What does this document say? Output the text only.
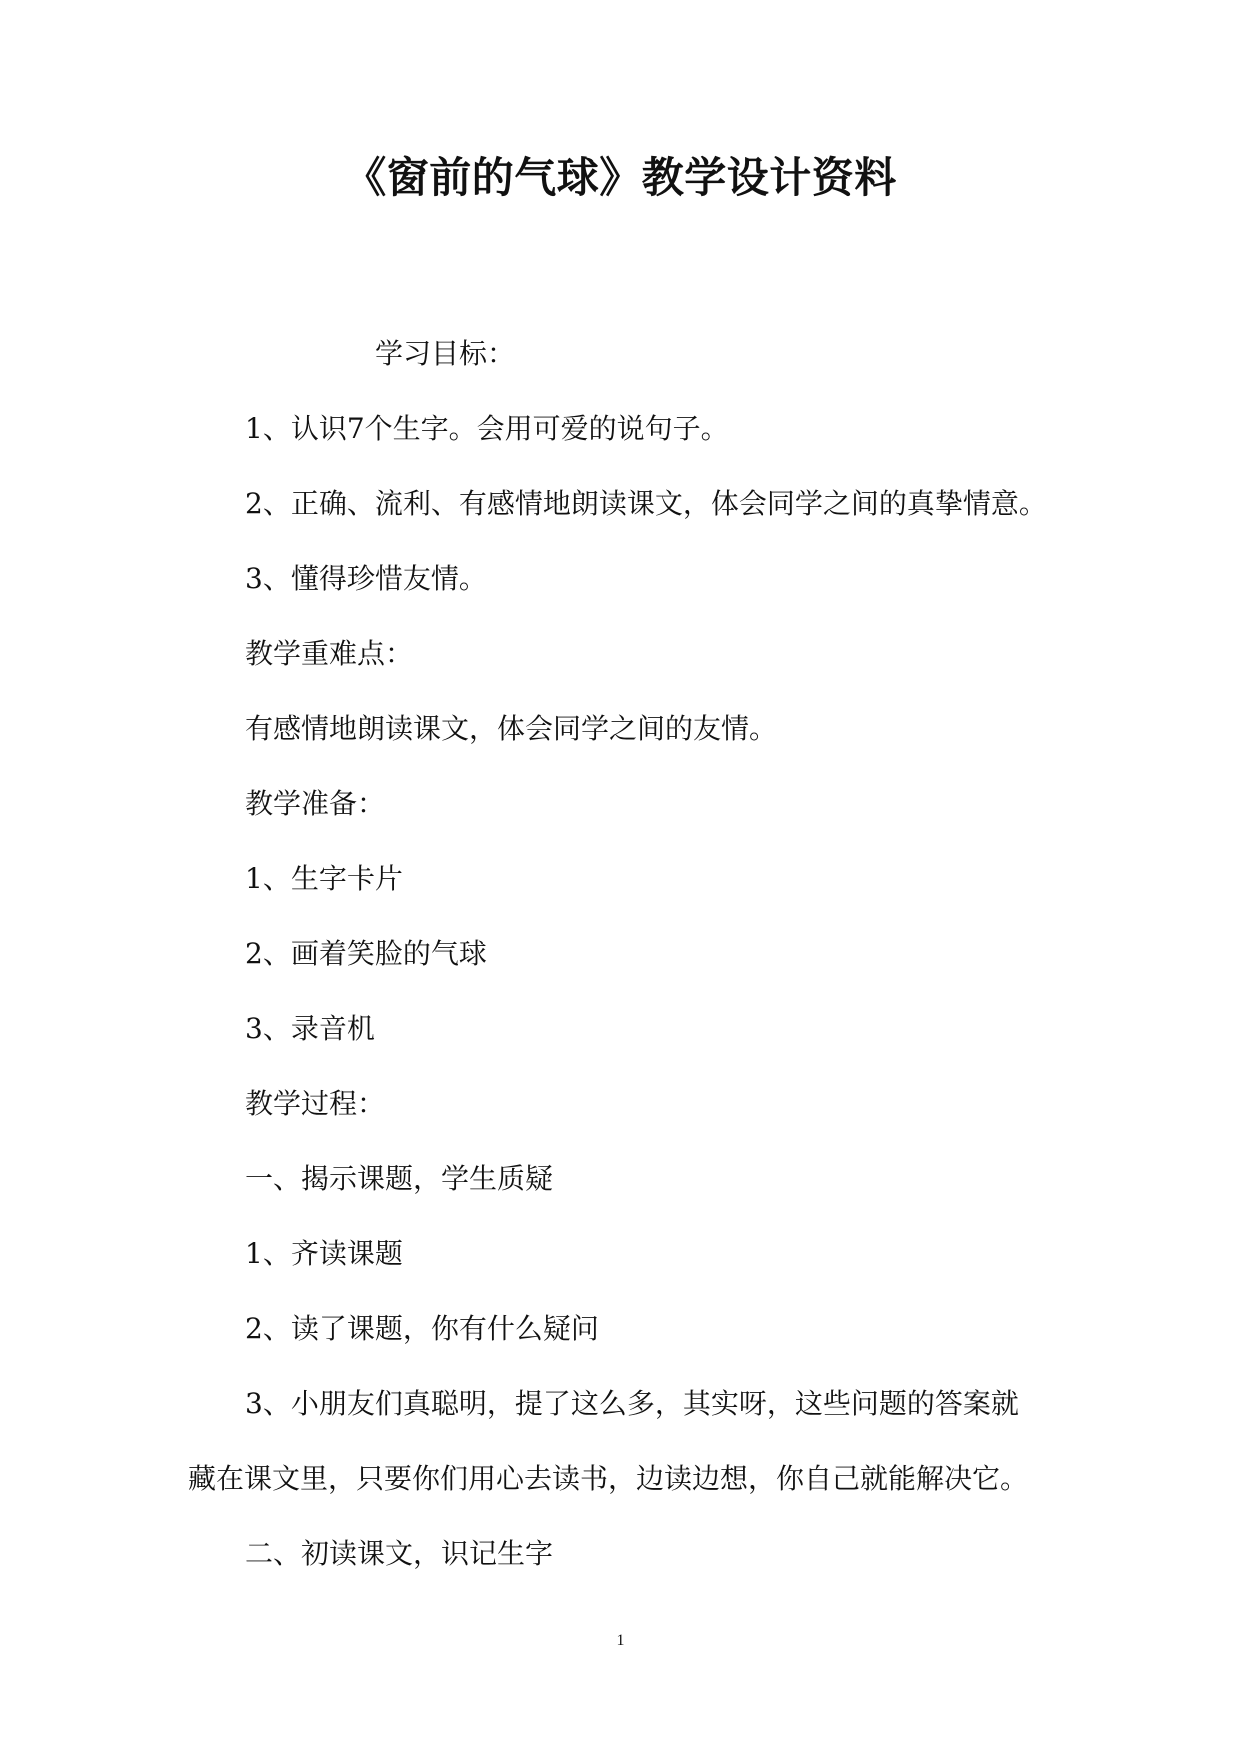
《窗前的气球》教学设计资料
学习目标：
1、认识7个生字。会用可爱的说句子。
2、正确、流利、有感情地朗读课文，体会同学之间的真挚情意。
3、懂得珍惜友情。
教学重难点：
有感情地朗读课文，体会同学之间的友情。
教学准备：
1、生字卡片
2、画着笑脸的气球
3、录音机
教学过程：
一、揭示课题，学生质疑
1、齐读课题
2、读了课题，你有什么疑问
3、小朋友们真聪明，提了这么多，其实呀，这些问题的答案就
藏在课文里，只要你们用心去读书，边读边想，你自己就能解决它。
二、初读课文，识记生字
1
